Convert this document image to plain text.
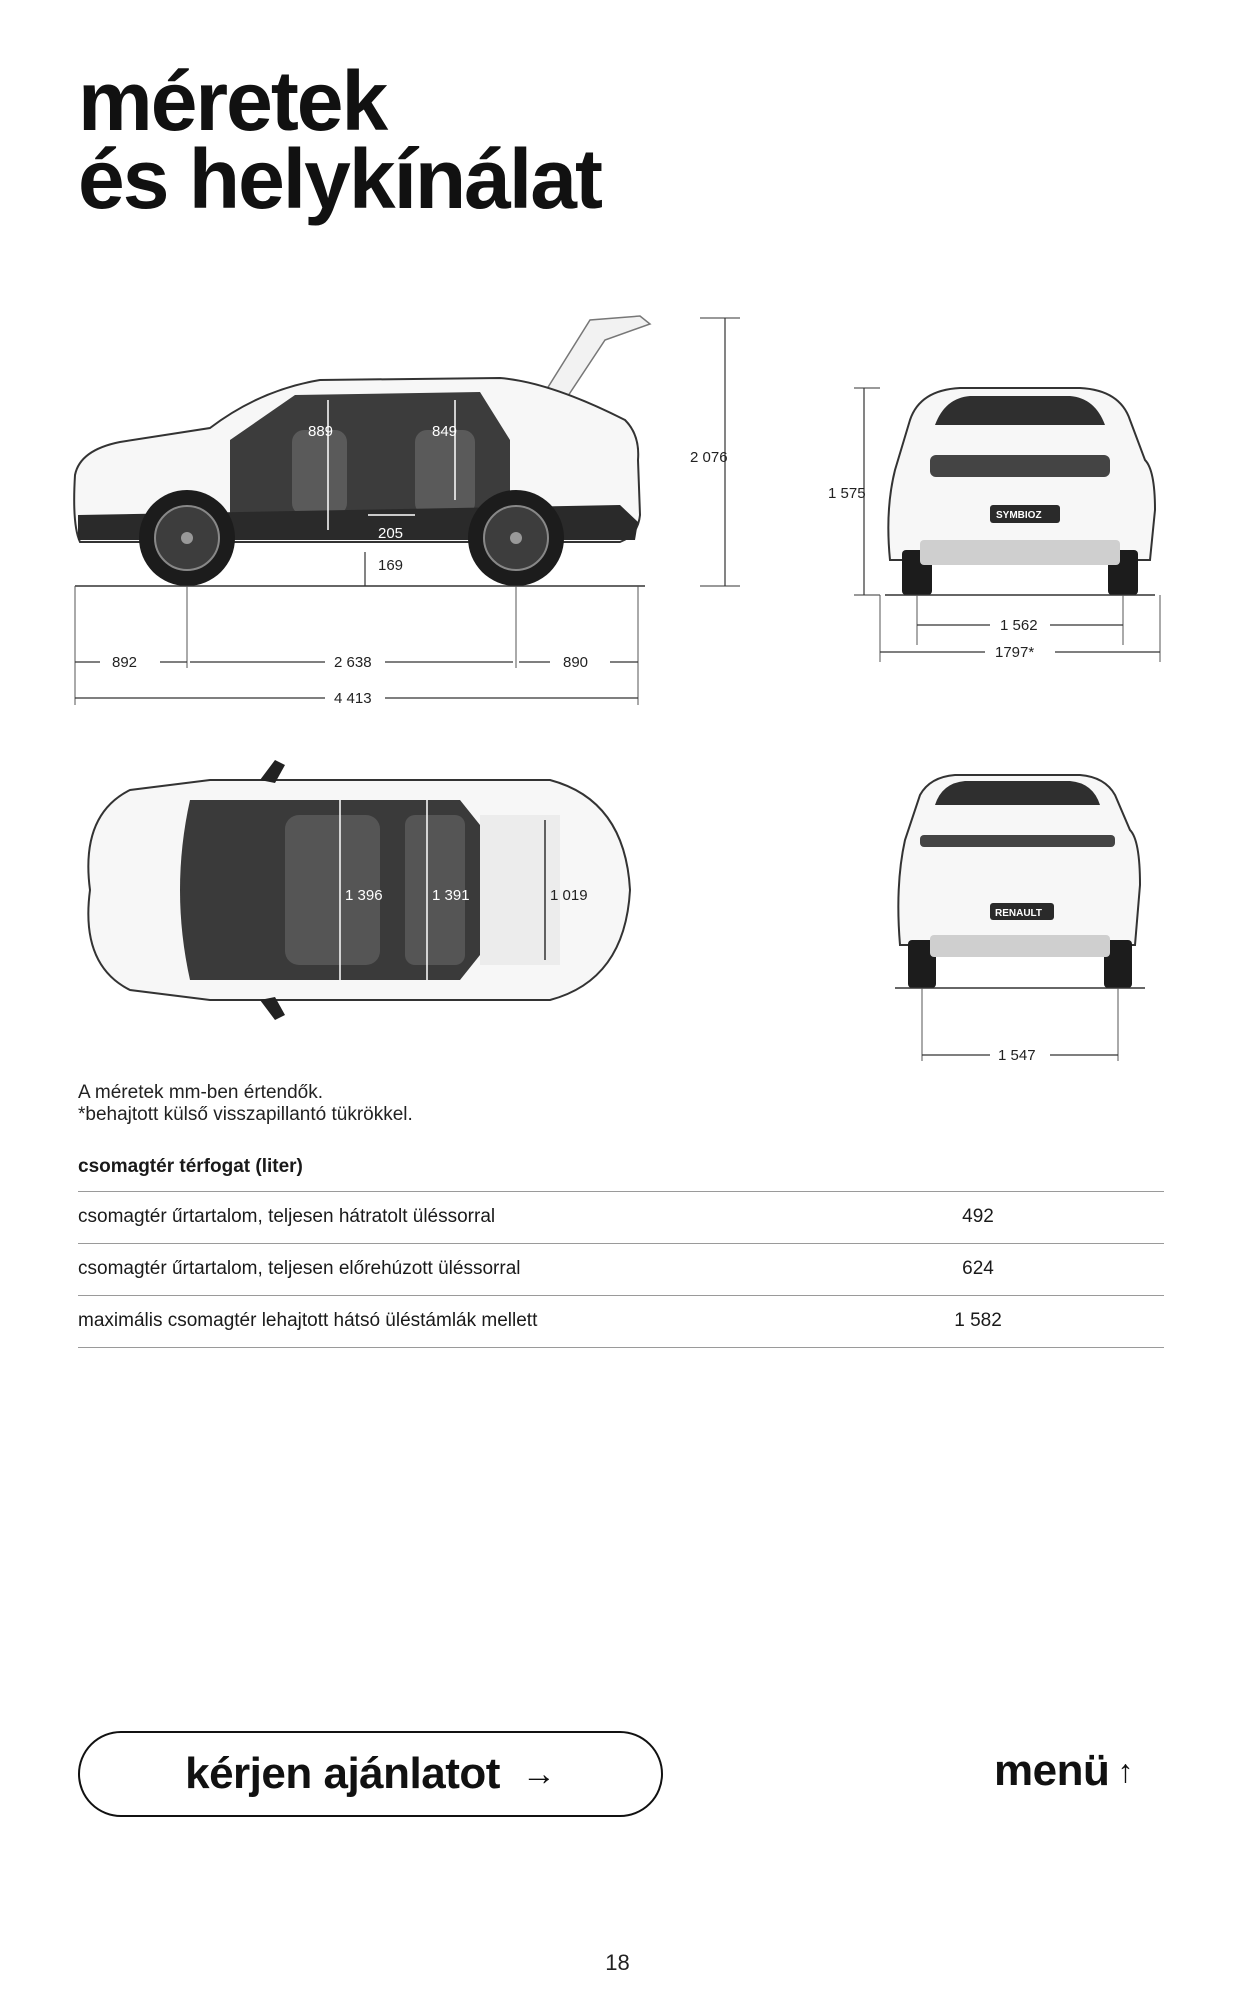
méretek
és helykínálat
889	849
205
169
2 076
892	2 638	890
4 413
SYMBIOZ
1 575
1 562
1797*
1 396	1 391	1 019
RENAULT
1 547
A méretek mm-ben értendők.
*behajtott külső visszapillantó tükrökkel.
csomagtér térfogat (liter)
csomagtér űrtartalom, teljesen hátratolt üléssorral	492
csomagtér űrtartalom, teljesen előrehúzott üléssorral	624
maximális csomagtér lehajtott hátsó üléstámlák mellett	1 582
kérjen ajánlatot →	menü ↑
18
